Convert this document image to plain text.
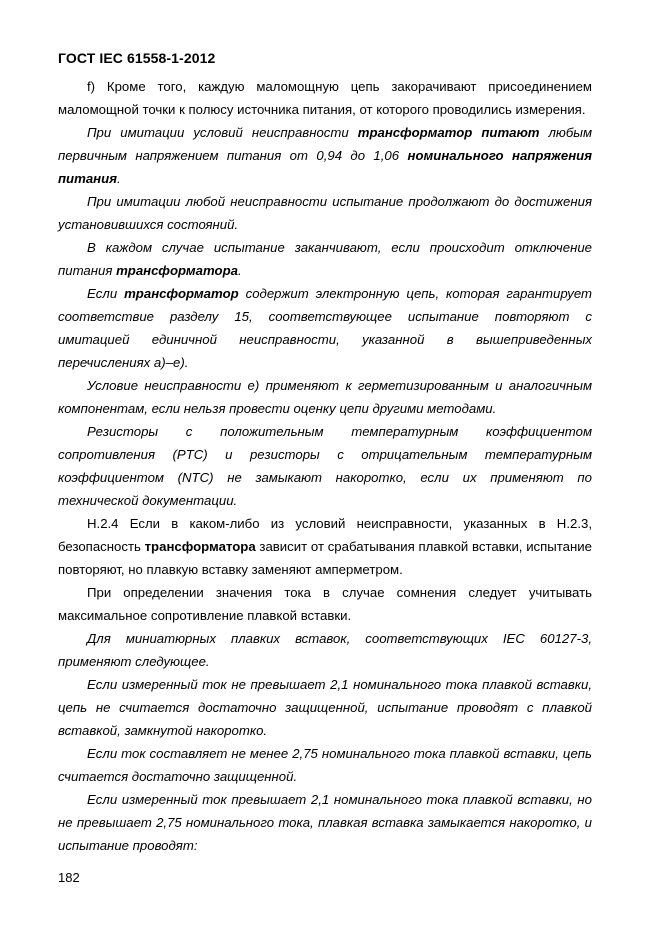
ГОСТ IEC 61558-1-2012

f) Кроме того, каждую маломощную цепь закорачивают присоединением маломощной точки к полюсу источника питания, от которого проводились измерения.

При имитации условий неисправности трансформатор питают любым первичным напряжением питания от 0,94 до 1,06 номинального напряжения питания.

При имитации любой неисправности испытание продолжают до достижения установившихся состояний.

В каждом случае испытание заканчивают, если происходит отключение питания трансформатора.

Если трансформатор содержит электронную цепь, которая гарантирует соответствие разделу 15, соответствующее испытание повторяют с имитацией единичной неисправности, указанной в вышеприведенных перечислениях а)–е).

Условие неисправности е) применяют к герметизированным и аналогичным компонентам, если нельзя провести оценку цепи другими методами.

Резисторы с положительным температурным коэффициентом сопротивления (PTC) и резисторы с отрицательным температурным коэффициентом (NTC) не замыкают накоротко, если их применяют по технической документации.

H.2.4 Если в каком-либо из условий неисправности, указанных в H.2.3, безопасность трансформатора зависит от срабатывания плавкой вставки, испытание повторяют, но плавкую вставку заменяют амперметром.

При определении значения тока в случае сомнения следует учитывать максимальное сопротивление плавкой вставки.

Для миниатюрных плавких вставок, соответствующих IEC 60127-3, применяют следующее.

Если измеренный ток не превышает 2,1 номинального тока плавкой вставки, цепь не считается достаточно защищенной, испытание проводят с плавкой вставкой, замкнутой накоротко.

Если ток составляет не менее 2,75 номинального тока плавкой вставки, цепь считается достаточно защищенной.

Если измеренный ток превышает 2,1 номинального тока плавкой вставки, но не превышает 2,75 номинального тока, плавкая вставка замыкается накоротко, и испытание проводят:

182
